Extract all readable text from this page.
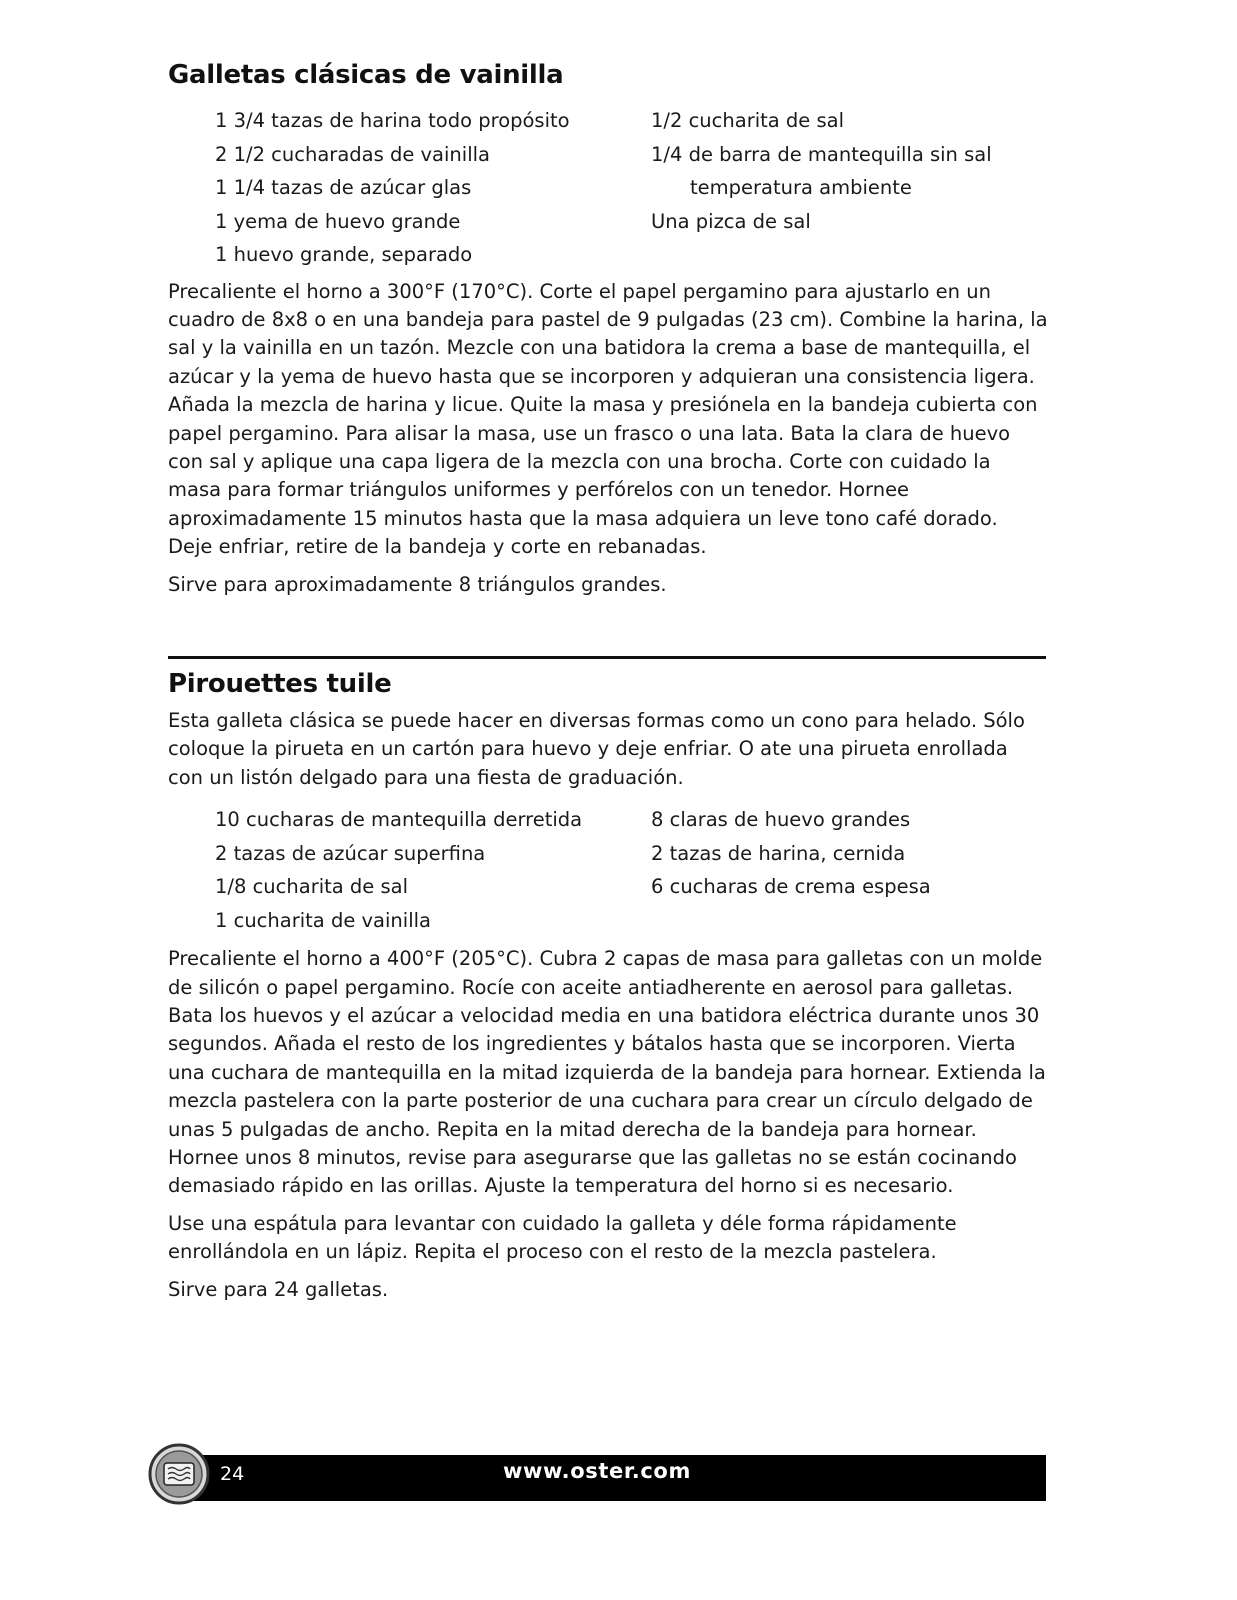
Galletas clásicas de vainilla
1 3/4 tazas de harina todo propósito
2 1/2 cucharadas de vainilla
1 1/4 tazas de azúcar glas
1 yema de huevo grande
1 huevo grande, separado
1/2 cucharita de sal
1/4 de barra de mantequilla sin sal
temperatura ambiente
Una pizca de sal

Precaliente el horno a 300°F (170°C). Corte el papel pergamino para ajustarlo en un cuadro de 8x8 o en una bandeja para pastel de 9 pulgadas (23 cm). Combine la harina, la sal y la vainilla en un tazón. Mezcle con una batidora la crema a base de mantequilla, el azúcar y la yema de huevo hasta que se incorporen y adquieran una consistencia ligera. Añada la mezcla de harina y licue. Quite la masa y presiónela en la bandeja cubierta con papel pergamino. Para alisar la masa, use un frasco o una lata. Bata la clara de huevo con sal y aplique una capa ligera de la mezcla con una brocha. Corte con cuidado la masa para formar triángulos uniformes y perfórelos con un tenedor. Hornee aproximadamente 15 minutos hasta que la masa adquiera un leve tono café dorado. Deje enfriar, retire de la bandeja y corte en rebanadas.

Sirve para aproximadamente 8 triángulos grandes.

Pirouettes tuile

Esta galleta clásica se puede hacer en diversas formas como un cono para helado. Sólo coloque la pirueta en un cartón para huevo y deje enfriar. O ate una pirueta enrollada con un listón delgado para una fiesta de graduación.

10 cucharas de mantequilla derretida
2 tazas de azúcar superfina
1/8 cucharita de sal
1 cucharita de vainilla
8 claras de huevo grandes
2 tazas de harina, cernida
6 cucharas de crema espesa

Precaliente el horno a 400°F (205°C). Cubra 2 capas de masa para galletas con un molde de silicón o papel pergamino. Rocíe con aceite antiadherente en aerosol para galletas. Bata los huevos y el azúcar a velocidad media en una batidora eléctrica durante unos 30 segundos. Añada el resto de los ingredientes y bátalos hasta que se incorporen. Vierta una cuchara de mantequilla en la mitad izquierda de la bandeja para hornear. Extienda la mezcla pastelera con la parte posterior de una cuchara para crear un círculo delgado de unas 5 pulgadas de ancho. Repita en la mitad derecha de la bandeja para hornear. Hornee unos 8 minutos, revise para asegurarse que las galletas no se están cocinando demasiado rápido en las orillas. Ajuste la temperatura del horno si es necesario.

Use una espátula para levantar con cuidado la galleta y déle forma rápidamente enrollándola en un lápiz. Repita el proceso con el resto de la mezcla pastelera.

Sirve para 24 galletas.

24	www.oster.com
